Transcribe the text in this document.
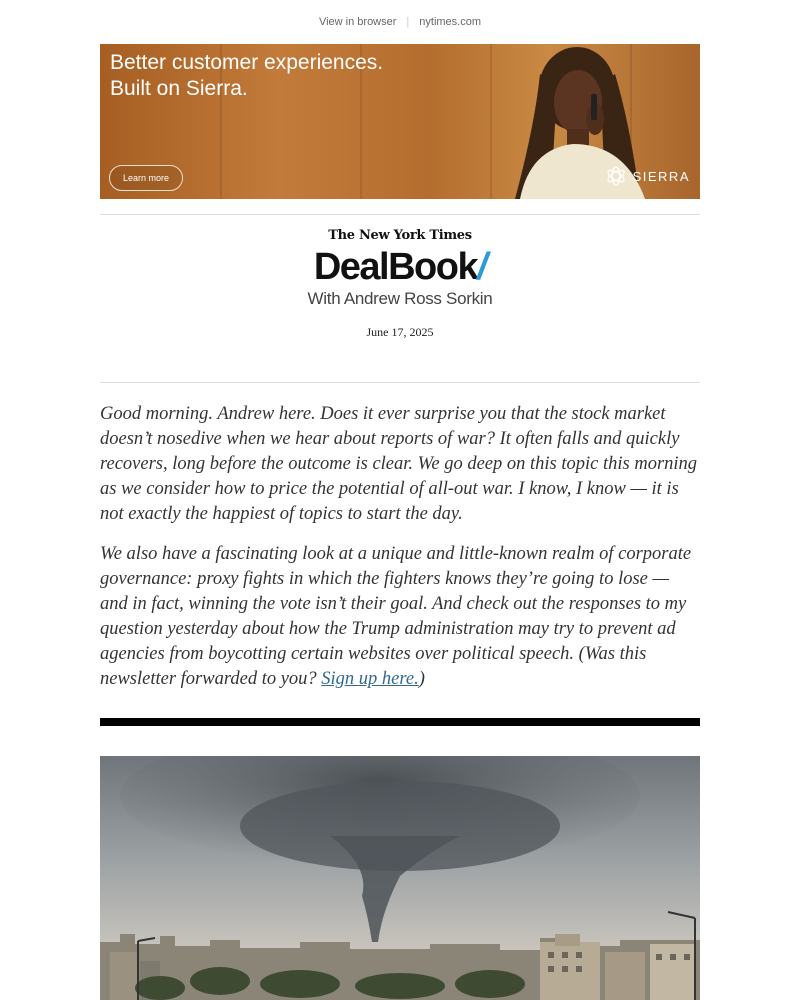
View in browser | nytimes.com
Better customer experiences.
Built on Sierra.
Learn more	SIERRA
The New York Times
DealBook/
With Andrew Ross Sorkin
June 17, 2025

Good morning. Andrew here. Does it ever surprise you that the stock market doesn’t nosedive when we hear about reports of war? It often falls and quickly recovers, long before the outcome is clear. We go deep on this topic this morning as we consider how to price the potential of all-out war. I know, I know — it is not exactly the happiest of topics to start the day.

We also have a fascinating look at a unique and little-known realm of corporate governance: proxy fights in which the fighters knows they’re going to lose — and in fact, winning the vote isn’t their goal. And check out the responses to my question yesterday about how the Trump administration may try to prevent ad agencies from boycotting certain websites over political speech. (Was this newsletter forwarded to you? Sign up here.)
